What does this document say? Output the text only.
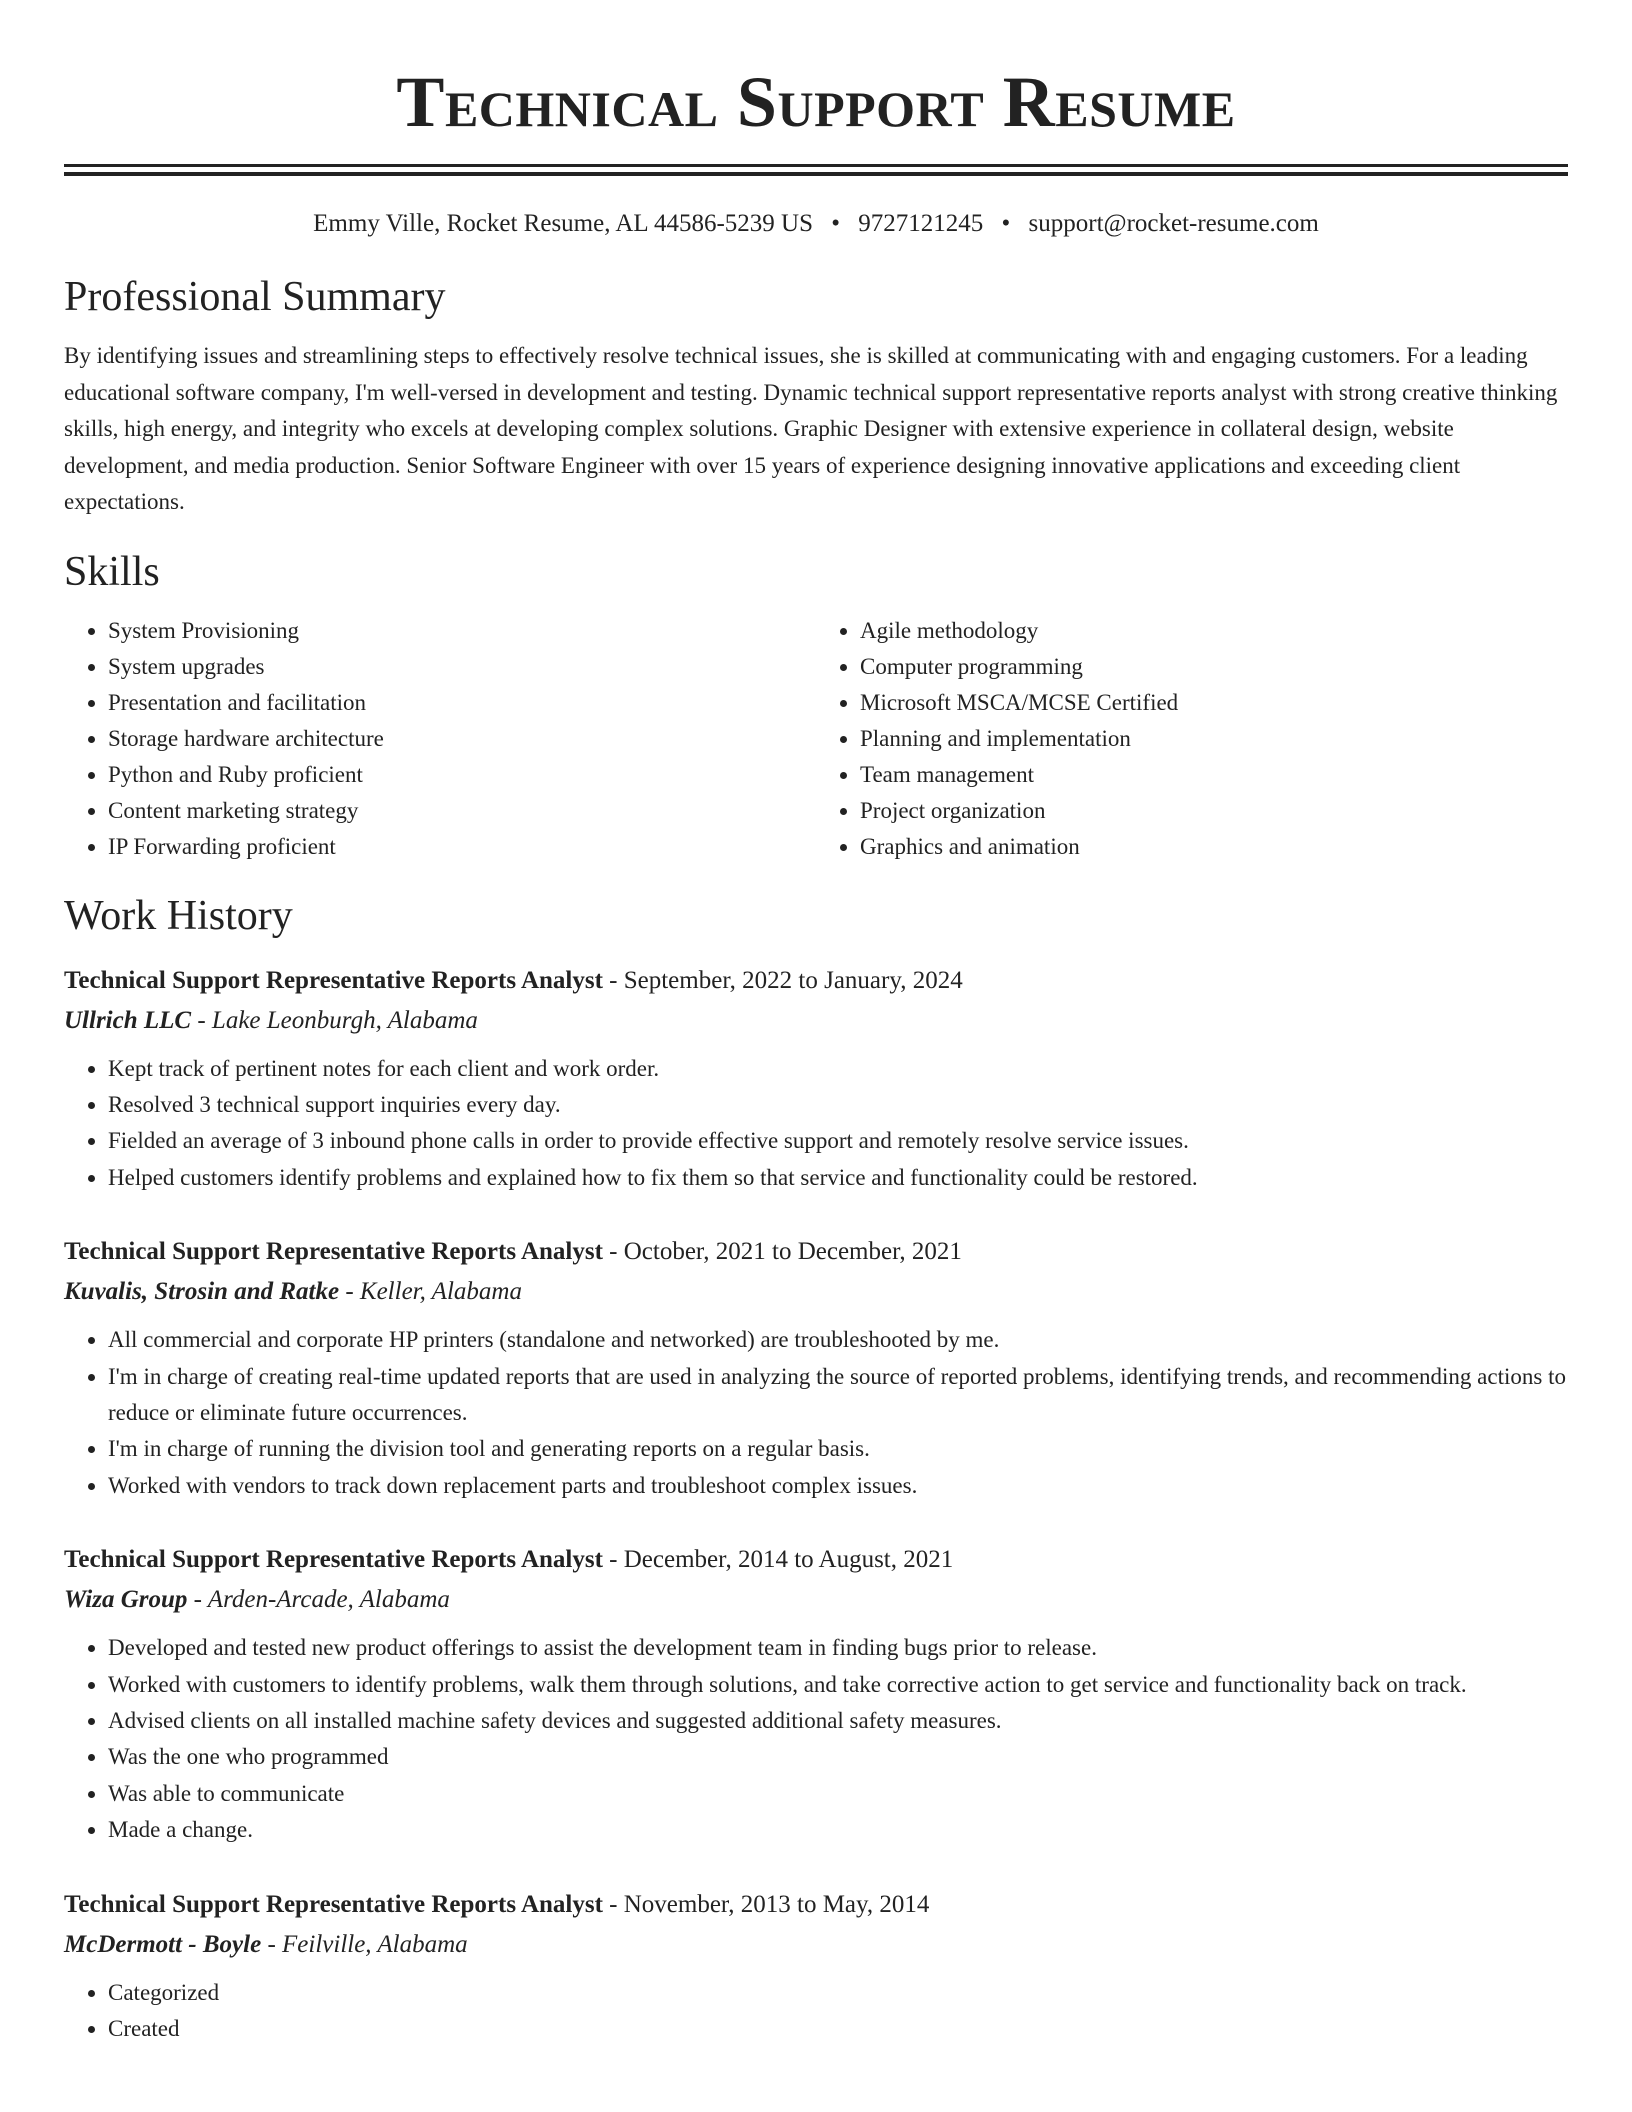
Technical Support Resume
Emmy Ville, Rocket Resume, AL 44586-5239 US • 9727121245 • support@rocket-resume.com
Professional Summary
By identifying issues and streamlining steps to effectively resolve technical issues, she is skilled at communicating with and engaging customers. For a leading educational software company, I'm well-versed in development and testing. Dynamic technical support representative reports analyst with strong creative thinking skills, high energy, and integrity who excels at developing complex solutions. Graphic Designer with extensive experience in collateral design, website development, and media production. Senior Software Engineer with over 15 years of experience designing innovative applications and exceeding client expectations.
Skills
• System Provisioning
• System upgrades
• Presentation and facilitation
• Storage hardware architecture
• Python and Ruby proficient
• Content marketing strategy
• IP Forwarding proficient
• Agile methodology
• Computer programming
• Microsoft MSCA/MCSE Certified
• Planning and implementation
• Team management
• Project organization
• Graphics and animation
Work History
Technical Support Representative Reports Analyst - September, 2022 to January, 2024
Ullrich LLC - Lake Leonburgh, Alabama
• Kept track of pertinent notes for each client and work order.
• Resolved 3 technical support inquiries every day.
• Fielded an average of 3 inbound phone calls in order to provide effective support and remotely resolve service issues.
• Helped customers identify problems and explained how to fix them so that service and functionality could be restored.
Technical Support Representative Reports Analyst - October, 2021 to December, 2021
Kuvalis, Strosin and Ratke - Keller, Alabama
• All commercial and corporate HP printers (standalone and networked) are troubleshooted by me.
• I'm in charge of creating real-time updated reports that are used in analyzing the source of reported problems, identifying trends, and recommending actions to reduce or eliminate future occurrences.
• I'm in charge of running the division tool and generating reports on a regular basis.
• Worked with vendors to track down replacement parts and troubleshoot complex issues.
Technical Support Representative Reports Analyst - December, 2014 to August, 2021
Wiza Group - Arden-Arcade, Alabama
• Developed and tested new product offerings to assist the development team in finding bugs prior to release.
• Worked with customers to identify problems, walk them through solutions, and take corrective action to get service and functionality back on track.
• Advised clients on all installed machine safety devices and suggested additional safety measures.
• Was the one who programmed
• Was able to communicate
• Made a change.
Technical Support Representative Reports Analyst - November, 2013 to May, 2014
McDermott - Boyle - Feilville, Alabama
• Categorized
• Created
